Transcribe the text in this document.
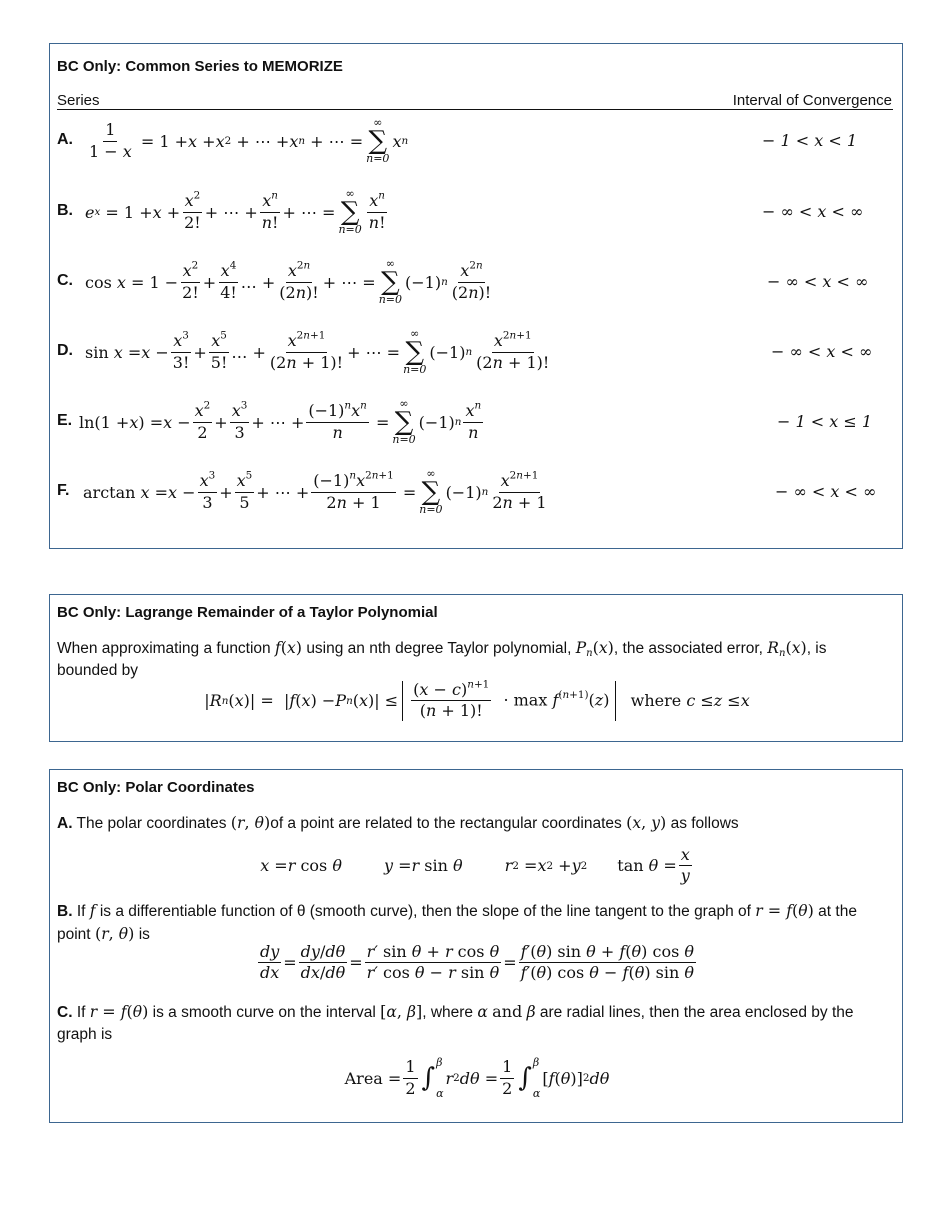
BC Only: Common Series to MEMORIZE
Series	Interval of Convergence
A. $\frac{1}{1 - x} = 1 + x + x$ 2 + ⋯ + x n + ⋯ =
∞
∑
n=0
x n	− 1 < x < 1
B. e $x = 1 + x + \frac{x^2}{2!}$ + ⋯ + $\frac{x^n}{n!}$ + ⋯ =
∞
∑
$n=0 \frac{x^n}{n!}$	− ∞ < x < ∞
C. $\cos x = 1 - \frac{x^2}{2!} + \frac{x^4}{4!}$ … + $\frac{x^{2n}}{(2n)!}$ + ⋯ =
∞
∑
n=0
(−1) n $\frac{x^{2n}}{(2n)!}$	− ∞ < x < ∞
D. $\sin x = x - \frac{x^3}{3!} + \frac{x^5}{5!}$ … + $\frac{x^{2n+1}}{(2n + 1)!}$ + ⋯ =
∞
∑
n=0
(−1) n $\frac{x^{2n+1}}{(2n + 1)!}$	− ∞ < x < ∞
E. ln(1 + x ) = $x - \frac{x^2}{2} + \frac{x^3}{3}$ + ⋯ + $\frac{(-1)^nx^n}{n}$ =
∞
∑
n=0
(−1) n $\frac{x^n}{n}$	− 1 < x ≤ 1
F. $\arctan x = x - \frac{x^3}{3} + \frac{x^5}{5}$ + ⋯ + $\frac{(-1)^nx^{2n+1}}{2n + 1}$ =
∞
∑
n=0
(−1) n $\frac{x^{2n+1}}{2n + 1}$	− ∞ < x < ∞
BC Only: Lagrange Remainder of a Taylor Polynomial
When approximating a function f(x) using an nth degree Taylor polynomial, $P_n(x)$, the associated error, $R_n(x)$, is
bounded by
| R n ( x )| =  | f ( x ) − P n ( x )| ≤ $\frac{(x - c)^{n+1}}{(n + 1)!} \cdot \max f^{(n+1)}(z)$
	where
c ≤ z ≤ x
BC Only: Polar Coordinates
A. The polar coordinates (r, θ)of a point are related to the rectangular coordinates (x, y) as follows
x = r cos θ	y = r sin θ	r 2 = x 2 + y 2 $\tan \theta = \frac{x}{y}$
B. If f is a differentiable function of θ (smooth curve), then the slope of the line tangent to the graph of r = f(θ) at the
point (r, θ) is
$\frac{dy}{dx} = \frac{dy/d\theta}{dx/d\theta} = \frac{\text{r′ sin θ + r cos θ}}{\text{r′ cos θ − r sin θ}} = \frac{\text{f′(θ) sin θ + f(θ) cos θ}}{\text{f′(θ) cos θ − f(θ) sin θ}}$
C. If r = f(θ) is a smooth curve on the interval [α, β], where α and β are radial lines, then the area enclosed by the
graph is
Area = $\frac{1}{2}$ ∫
β
α
r 2 $d\theta = \frac{1}{2}$ ∫
β
α
[ f ( θ )] 2 dθ
